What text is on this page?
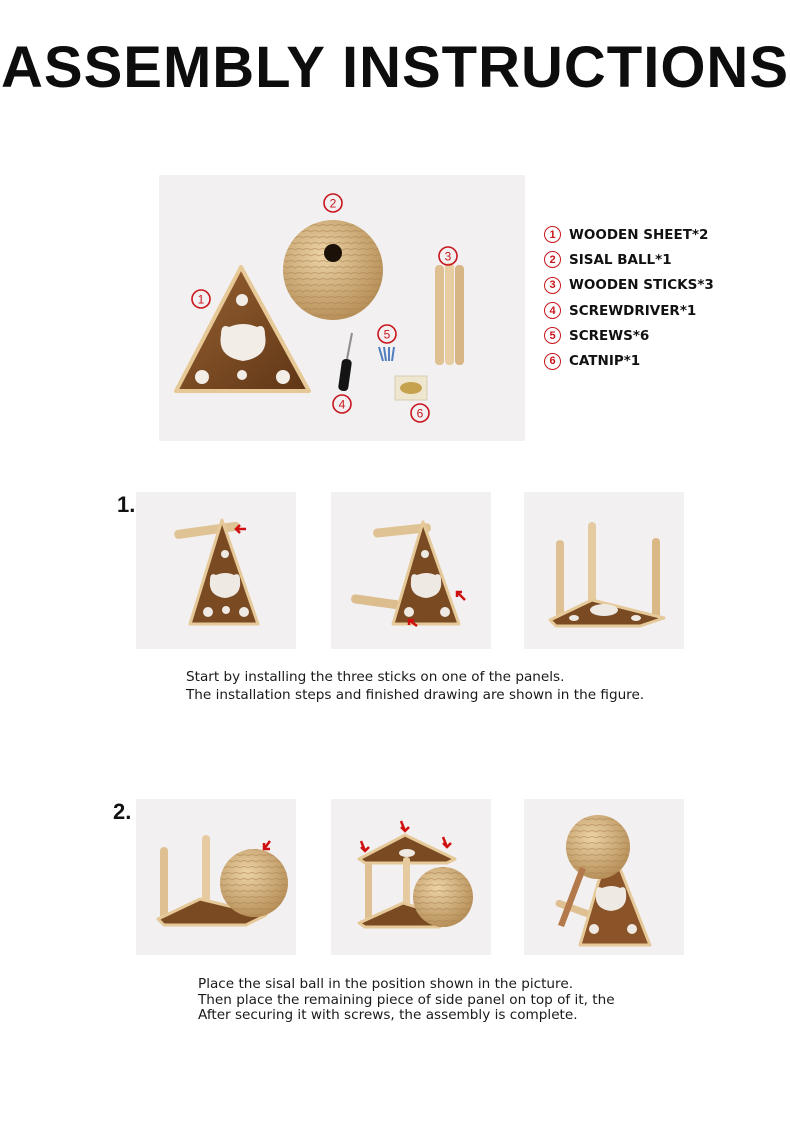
ASSEMBLY INSTRUCTIONS
1
2
3
4
5
6
1 WOODEN SHEET*2
2 SISAL BALL*1
3 WOODEN STICKS*3
4 SCREWDRIVER*1
5 SCREWS*6
6 CATNIP*1
1.
Start by installing the three sticks on one of the panels.
The installation steps and finished drawing are shown in the figure.
2.
Place the sisal ball in the position shown in the picture.
Then place the remaining piece of side panel on top of it, the
After securing it with screws, the assembly is complete.
